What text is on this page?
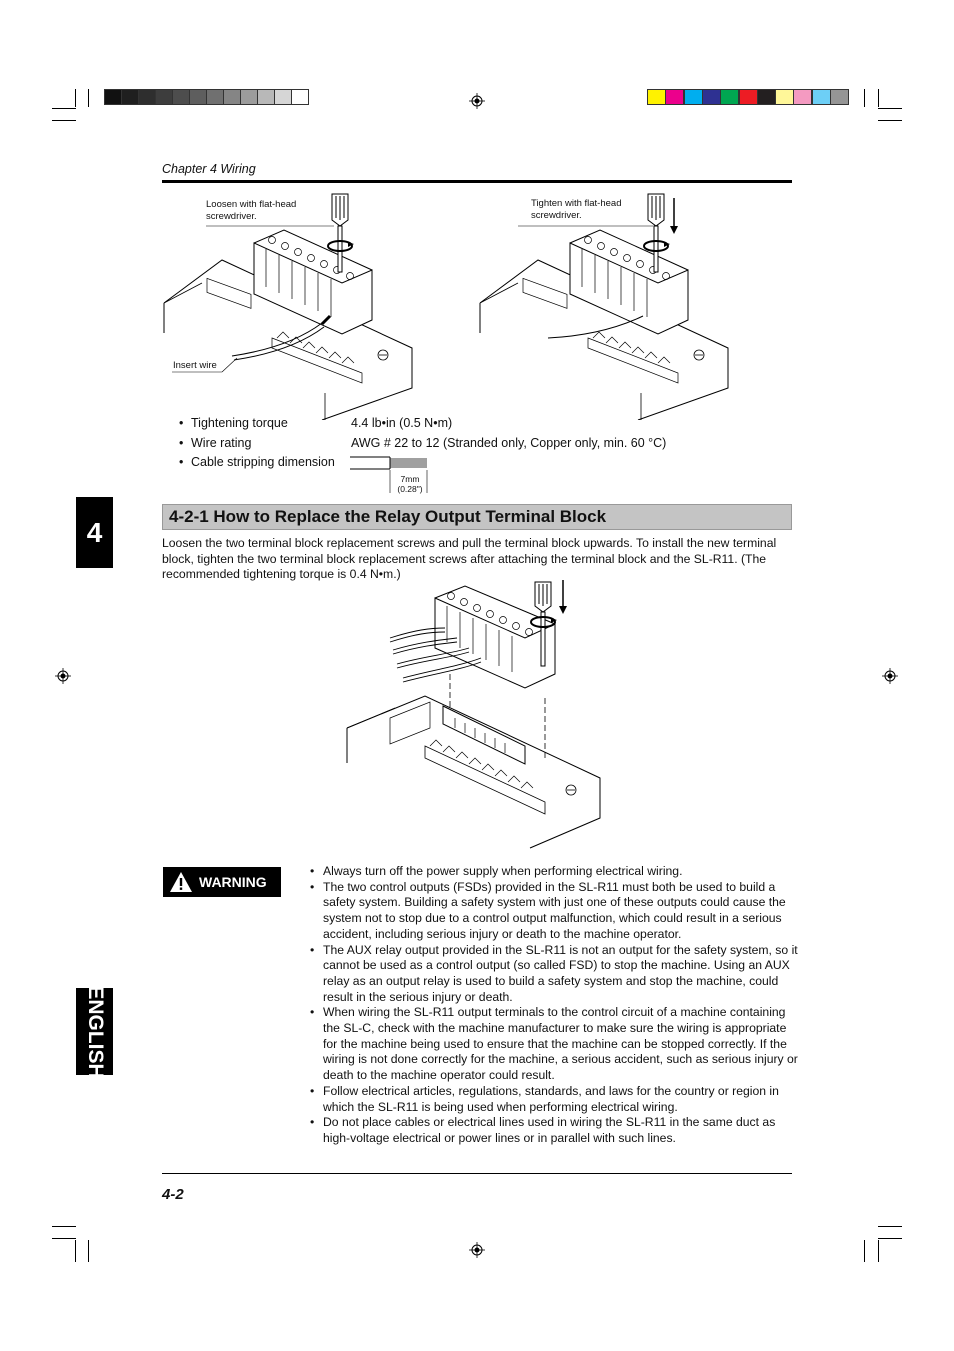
Chapter 4 Wiring
Loosen with flat-head
screwdriver.
Tighten with flat-head
screwdriver.
Insert wire
• Tightening torque	4.4 lb•in (0.5 N•m)
• Wire rating	AWG # 22 to 12 (Stranded only, Copper only, min. 60 °C)
• Cable stripping dimension
7mm
(0.28")
4-2-1 How to Replace the Relay Output Terminal Block
Loosen the two terminal block replacement screws and pull the terminal block upwards. To install the new terminal block, tighten the two terminal block replacement screws after attaching the terminal block and the SL-R11. (The recommended tightening torque is 0.4 N•m.)
WARNING
• Always turn off the power supply when performing electrical wiring.
• The two control outputs (FSDs) provided in the SL-R11 must both be used to build a safety system. Building a safety system with just one of these outputs could cause the system not to stop due to a control output malfunction, which could result in a serious accident, including serious injury or death to the machine operator.
• The AUX relay output provided in the SL-R11 is not an output for the safety system, so it cannot be used as a control output (so called FSD) to stop the machine. Using an AUX relay as an output relay is used to build a safety system and stop the machine, could result in the serious injury or death.
• When wiring the SL-R11 output terminals to the control circuit of a machine containing the SL-C, check with the machine manufacturer to make sure the wiring is appropriate for the machine being used to ensure that the machine can be stopped correctly. If the wiring is not done correctly for the machine, a serious accident, such as serious injury or death to the machine operator could result.
• Follow electrical articles, regulations, standards, and laws for the country or region in which the SL-R11 is being used when performing electrical wiring.
• Do not place cables or electrical lines used in wiring the SL-R11 in the same duct as high-voltage electrical or power lines or in parallel with such lines.
4
ENGLISH
4-2
